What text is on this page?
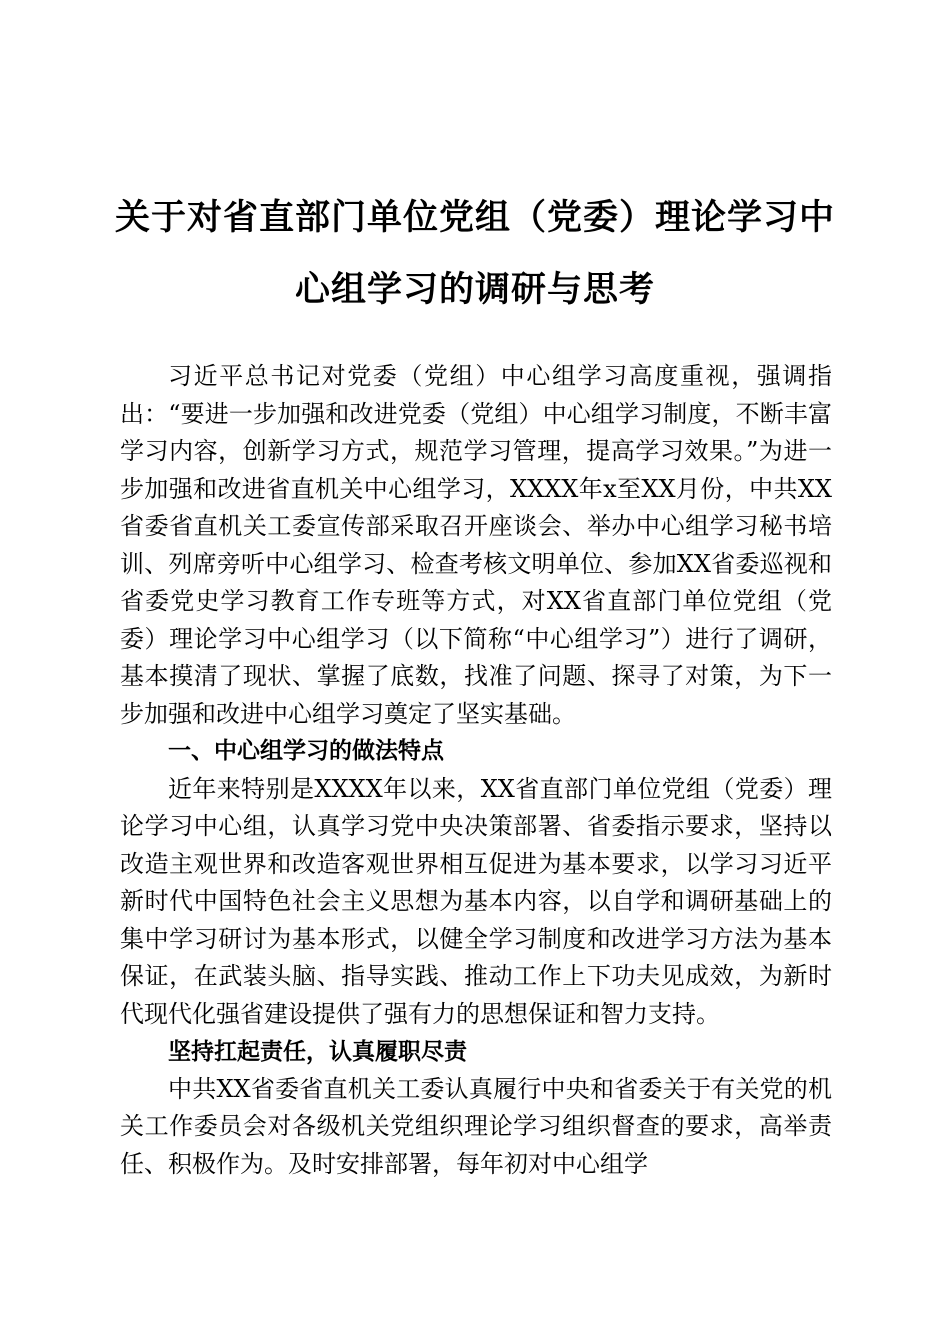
关于对省直部门单位党组（党委）理论学习中
心组学习的调研与思考

习近平总书记对党委（党组）中心组学习高度重视，强调指出：“要进一步加强和改进党委（党组）中心组学习制度，不断丰富学习内容，创新学习方式，规范学习管理，提高学习效果。”为进一步加强和改进省直机关中心组学习，XXXX年x至XX月份，中共XX省委省直机关工委宣传部采取召开座谈会、举办中心组学习秘书培训、列席旁听中心组学习、检查考核文明单位、参加XX省委巡视和省委党史学习教育工作专班等方式，对XX省直部门单位党组（党委）理论学习中心组学习（以下简称“中心组学习”）进行了调研，基本摸清了现状、掌握了底数，找准了问题、探寻了对策，为下一步加强和改进中心组学习奠定了坚实基础。

一、中心组学习的做法特点

近年来特别是XXXX年以来，XX省直部门单位党组（党委）理论学习中心组，认真学习党中央决策部署、省委指示要求，坚持以改造主观世界和改造客观世界相互促进为基本要求，以学习习近平新时代中国特色社会主义思想为基本内容，以自学和调研基础上的集中学习研讨为基本形式，以健全学习制度和改进学习方法为基本保证，在武装头脑、指导实践、推动工作上下功夫见成效，为新时代现代化强省建设提供了强有力的思想保证和智力支持。

坚持扛起责任，认真履职尽责

中共XX省委省直机关工委认真履行中央和省委关于有关党的机关工作委员会对各级机关党组织理论学习组织督查的要求，高举责任、积极作为。及时安排部署，每年初对中心组学
